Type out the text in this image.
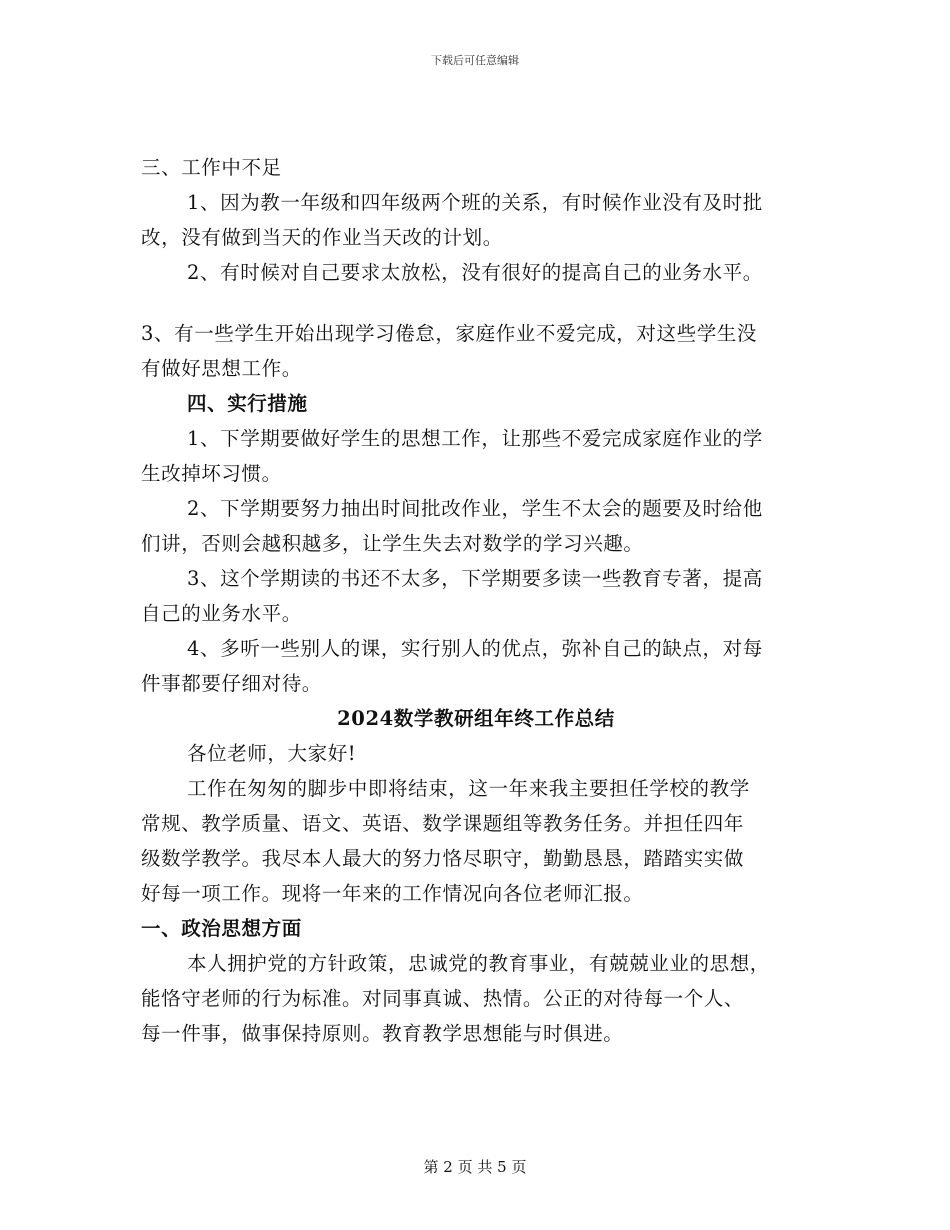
下载后可任意编辑
三、工作中不足
1、因为教一年级和四年级两个班的关系，有时候作业没有及时批
改，没有做到当天的作业当天改的计划。
2、有时候对自己要求太放松，没有很好的提高自己的业务水平。
3、有一些学生开始出现学习倦怠，家庭作业不爱完成，对这些学生没
有做好思想工作。
四、实行措施
1、下学期要做好学生的思想工作，让那些不爱完成家庭作业的学
生改掉坏习惯。
2、下学期要努力抽出时间批改作业，学生不太会的题要及时给他
们讲，否则会越积越多，让学生失去对数学的学习兴趣。
3、这个学期读的书还不太多，下学期要多读一些教育专著，提高
自己的业务水平。
4、多听一些别人的课，实行别人的优点，弥补自己的缺点，对每
件事都要仔细对待。
2024数学教研组年终工作总结
各位老师，大家好!
工作在匆匆的脚步中即将结束，这一年来我主要担任学校的教学
常规、教学质量、语文、英语、数学课题组等教务任务。并担任四年
级数学教学。我尽本人最大的努力恪尽职守，勤勤恳恳，踏踏实实做
好每一项工作。现将一年来的工作情况向各位老师汇报。
一、政治思想方面
本人拥护党的方针政策，忠诚党的教育事业，有兢兢业业的思想，
能恪守老师的行为标准。对同事真诚、热情。公正的对待每一个人、
每一件事，做事保持原则。教育教学思想能与时俱进。
第 2 页 共 5 页
